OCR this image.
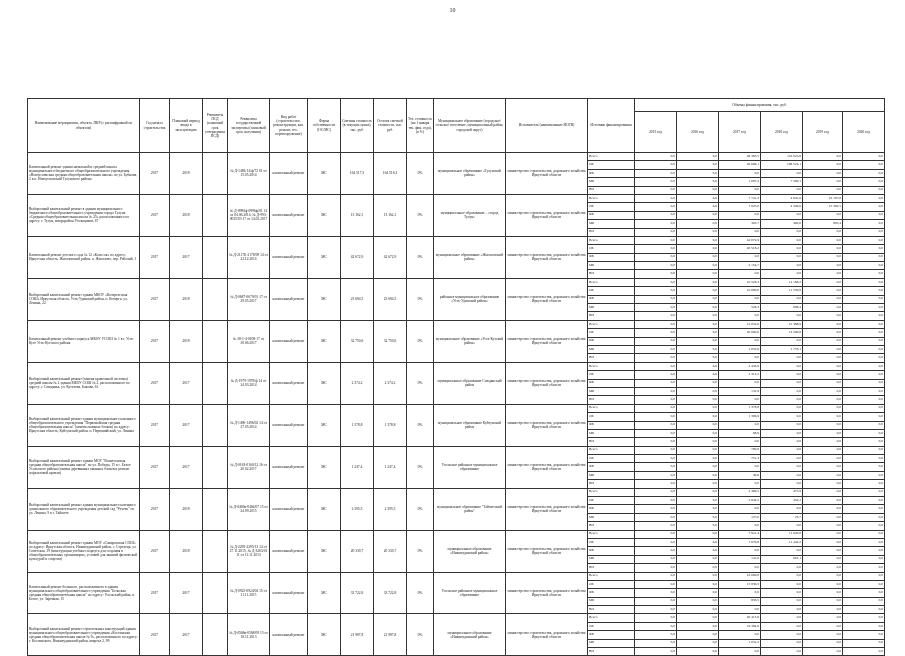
10
Наименование мероприятия, объекта, ПКР (с расшифровкой по объектам)	Год начала строительства	Плановый период ввода в эксплуатацию	Реквизиты ПСД (плановый срок утверждения ПСД)	Реквизиты государственной экспертизы (плановый срок получения)	Вид работ (строительство, реконструкция, кап. ремонт, тех. перевооружение)	Форма собственности (ОС/МС)	Сметная стоимость (в текущих ценах), тыс. руб.	Остаток сметной стоимости, тыс. руб.	Тех. готовность (на 1 января тек. фин. года), (в %)	Муниципальное образование (городское/сельское поселение, муниципальный район, городской округ)	Исполнитель (наименование ИОГВ)	Источник финансирования	Объемы финансирования, тыс. руб.					
													2015 год	2016 год	2017 год	2018 год	2019 год	2020 год
Капитальный ремонт здания начальной и средней школы муниципального бюджетного общеобразовательного учреждения «Новоуспенская средняя общеобразовательная школа» по ул. Бубнова, 2 в п. Новоуспенский Тулунского района	2017	2018		№ Д-1486-14/ф/72 01 от 15.05.2014	капитальный ремонт	МС	164 517,3	164 516,3	0%	муниципальное образование «Тулунский район»	министерство строительства, дорожного хозяйства Иркутской области	Всего	0,0	0,0	48 383,5	116 023,8	0,0	0,0
												ОБ	0,0	0,0	46 696,1	108 524,1	0,0	0,0
												ФБ	0,0	0,0	0,0	0,0	0,0	0,0
												МБ	0,0	0,0	1 687,4	7 500,1	0,0	0,0
												ВИ	0,0	0,0	0,0	0,0	0,0	0,0
Выборочный капитальный ремонт в здании муниципального бюджетного общеобразовательного учреждения города Тулуна «Средняя общеобразовательная школа № 25» расположенного по адресу: г. Тулун, микрорайон Угольщиков, 67	2017	2018		№ Д-0990ф-0996ф/01 14 от 04.06.2014, № Д-993-0035/03 17 от 14.03.2017	капитальный ремонт	МС	13 162,1	13 162,1	0%	муниципальное образование – «город Тулун»	министерство строительства, дорожного хозяйства Иркутской области	Всего	0,0	0,0	7 741,3	4 841,6	16 107,8	0,0
												ОБ	0,0	0,0	7 025,0	4 349,6	15 302,5	0,0
												ФБ	0,0	0,0	0,0	0,0	0,0	0,0
												МБ	0,0	0,0	305,7	492,0	805,4	0,0
												ВИ	0,0	0,0	0,0	0,0	0,0	0,0
Капитальный ремонт детского сада № 12 «Колосок» по адресу: Иркутская область, Жигаловский район, п. Жигалово, пер. Рабочий, 1	2017	2017		№ Д-2117Б-2178/09 14 от 22.12.2014	капитальный ремонт	МС	42 672,9	42 672,9	0%	муниципальное образование «Жигаловский район»	министерство строительства, дорожного хозяйства Иркутской области	Всего	0,0	0,0	42 672,9	0,0	0,0	0,0
												ОБ	0,0	0,0	40 518,2	0,0	0,0	0,0
												ФБ	0,0	0,0	0,0	0,0	0,0	0,0
												МБ	0,0	0,0	2 154,7	0,0	0,0	0,0
												ВИ	0,0	0,0	0,0	0,0	0,0	0,0
Выборочный капитальный ремонт здания МКОУ «Кочергатская СОШ» Иркутская область, Усть-Удинский район, п. Кочерга, ул. Ленина, 22	2017	2018		№ Д-0687-0679/01 17 от 29.05.2017	капитальный ремонт	МС	23 694,5	23 694,5	0%	районное муниципальное образование «Усть-Удинский район»	министерство строительства, дорожного хозяйства Иркутской области	Всего	0,0	0,0	10 526,3	12 168,2	0,0	0,0
												ОБ	0,0	0,0	10 000,0	11 559,8	0,0	0,0
												ФБ	0,0	0,0	0,0	0,0	0,0	0,0
												МБ	0,0	0,0	526,3	608,4	0,0	0,0
												ВИ	0,0	0,0	0,0	0,0	0,0	0,0
Капитальный ремонт учебного корпуса МКОУ УСОШ № 1 в г. Усть-Куте Усть-Кутского района	2017	2018		№ 38-1-4-0108-17 от 30.06.2017	капитальный ремонт	МС	32 750,6	32 750,6	0%	муниципальное образование «Усть-Кутский район»	министерство строительства, дорожного хозяйства Иркутской области	Всего	0,0	0,0	21 052,6	15 368,9	0,0	0,0
												ОБ	0,0	0,0	20 000,0	13 590,8	0,0	0,0
												ФБ	0,0	0,0	0,0	0,0	0,0	0,0
												МБ	0,0	0,0	1 052,6	1 778,1	0,0	0,0
												ВИ	0,0	0,0	0,0	0,0	0,0	0,0
Выборочный капитальный ремонт (замена кровельной системы) средней школы № 2 здания МБОУ СОШ № 2, расположенного по адресу: г. Слюдянка, ул. Кутелева, Бажова, 61	2017	2017		№ Д-1979-1978/ф 14 от 24.03.2014	капитальный ремонт	МС	2 374,2	2 374,2	0%	муниципальное образование Слюдянский район	министерство строительства, дорожного хозяйства Иркутской области	Всего	0,0	0,0	2 443,9	0,0	0,0	0,0
												ОБ	0,0	0,0	2 312,2	0,0	0,0	0,0
												ФБ	0,0	0,0	0,0	0,0	0,0	0,0
												МБ	0,0	0,0	131,9	0,0	0,0	0,0
												ВИ	0,0	0,0	0,0	0,0	0,0	0,0
Выборочный капитальный ремонт здания муниципального казенного общеобразовательного учреждения "Первомайская средняя общеобразовательная школа" (замена оконных блоков) по адресу: Иркутская область, Куйтунский район, п. Первомайский, ул. Ленина	2017	2017		№ Д-1496-1496/02 14 от 27.05.2014	капитальный ремонт	МС	1 378,8	1 378,8	0%	муниципальное образование Куйтунский район	министерство строительства, дорожного хозяйства Иркутской области	Всего	0,0	0,0	1 378,8	0,0	0,0	0,0
												ОБ	0,0	0,0	1 306,9	0,0	0,0	0,0
												ФБ	0,0	0,0	0,0	0,0	0,0	0,0
												МБ	0,0	0,0	68,9	0,0	0,0	0,0
												ВИ	0,0	0,0	0,0	0,0	0,0	0,0
Выборочный капитальный ремонт здания МОУ "Вознесенская средняя общеобразовательная школа" по ул. Победы, 15 в с. Белое Усольского района (замена деревянных оконных блоков и ремонт асфальтовой кровли)	2017	2017		№ Д-0163-0160/12 16 от 20.02.2017	капитальный ремонт	МС	1 247,4	1 247,4	0%	Усольское районное муниципальное образование	министерство строительства, дорожного хозяйства Иркутской области	Всего	0,0	0,0	790,9	0,0	0,0	0,0
												ОБ	0,0	0,0	751,3	0,0	0,0	0,0
												ФБ	0,0	0,0	0,0	0,0	0,0	0,0
												МБ	0,0	0,0	39,6	0,0	0,0	0,0
												ВИ	0,0	0,0	0,0	0,0	0,0	0,0
Выборочный капитальный ремонт здания муниципального казенного дошкольного образовательного учреждения детский сад "Ручеек" по ул. Ленина, 9 в г. Тайшете	2017	2018		№ Д-0469в-0466/07 15 от 24.09.2015	капитальный ремонт	МС	2 395,5	2 395,5	0%	муниципальное образование "Тайшетский район"	министерство строительства, дорожного хозяйства Иркутской области	Всего	0,0	0,0	2 369,5	475,9	0,0	0,0
												ОБ	0,0	0,0	2 042,5	452,2	0,0	0,0
												ФБ	0,0	0,0	0,0	0,0	0,0	0,0
												МБ	0,0	0,0	127,0	23,7	0,0	0,0
												ВИ	0,0	0,0	0,0	0,0	0,0	0,0
Выборочный капитальный ремонт здания МОУ «Самаровская СОШ» по адресу: Иркутская область, Нижнеудинский район, с. Стрелецк, ул. Советская, 19 (конструкции учебного корпуса для создания в общеобразовательных организациях, условий для занятий физической культурой и спортом)	2017	2018		№ Д-2295-2295/13 14 от 27.11.2015, № Д-3263/01 11 от 11.11.2013	капитальный ремонт	МС	20 330,7	20 330,7	0%	муниципальное образование «Нижнеудинский район»	министерство строительства, дорожного хозяйства Иркутской области	Всего	0,0	0,0	7 821,4	11 943,8	0,0	0,0
												ОБ	0,0	0,0	7 679,8	11 442,2	0,0	0,0
												ФБ	0,0	0,0	0,0	0,0	0,0	0,0
												МБ	0,0	0,0	141,6	601,1	0,0	0,0
												ВИ	0,0	0,0	0,0	0,0	0,0	0,0
Капитальный ремонт большого, расположенного в здании муниципального общеобразовательного учреждения "Бельская средняя общеобразовательная школа" по адресу: Усольский район, п. Белое, ул. Заречная, 15	2017	2017		№ Д-0925-0924/04 15 от 11.11.2015	капитальный ремонт	МС	33 722,8	33 722,8	0%	Усольское районное муниципальное образование	министерство строительства, дорожного хозяйства Иркутской области	Всего	0,0	0,0	16 669,8	0,0	0,0	0,0
												ОБ	0,0	0,0	15 836,3	0,0	0,0	0,0
												ФБ	0,0	0,0	0,0	0,0	0,0	0,0
												МБ	0,0	0,0	833,5	0,0	0,0	0,0
												ВИ	0,0	0,0	0,0	0,0	0,0	0,0
Выборочный капитальный ремонт строительных конструкций здания муниципального общеобразовательного учреждения «Костинская средняя общеобразовательная школа № 9», расположенного по адресу: г. Костинского, Нижнеудинский район, квартал 2, 99	2017	2017		№ Д-0568в-0568/09 13 от 18.11.2013	капитальный ремонт	МС	21 987,8	21 987,8	0%	муниципальное образование «Нижнеудинский район»	министерство строительства, дорожного хозяйства Иркутской области	Всего	0,0	0,0	20 415,8	0,0	0,0	0,0
												ОБ	0,0	0,0	19 384,6	0,0	0,0	0,0
												ФБ	0,0	0,0	0,0	0,0	0,0	0,0
												МБ	0,0	0,0	1 031,2	0,0	0,0	0,0
												ВИ	0,0	0,0	0,0	0,0	0,0	0,0
